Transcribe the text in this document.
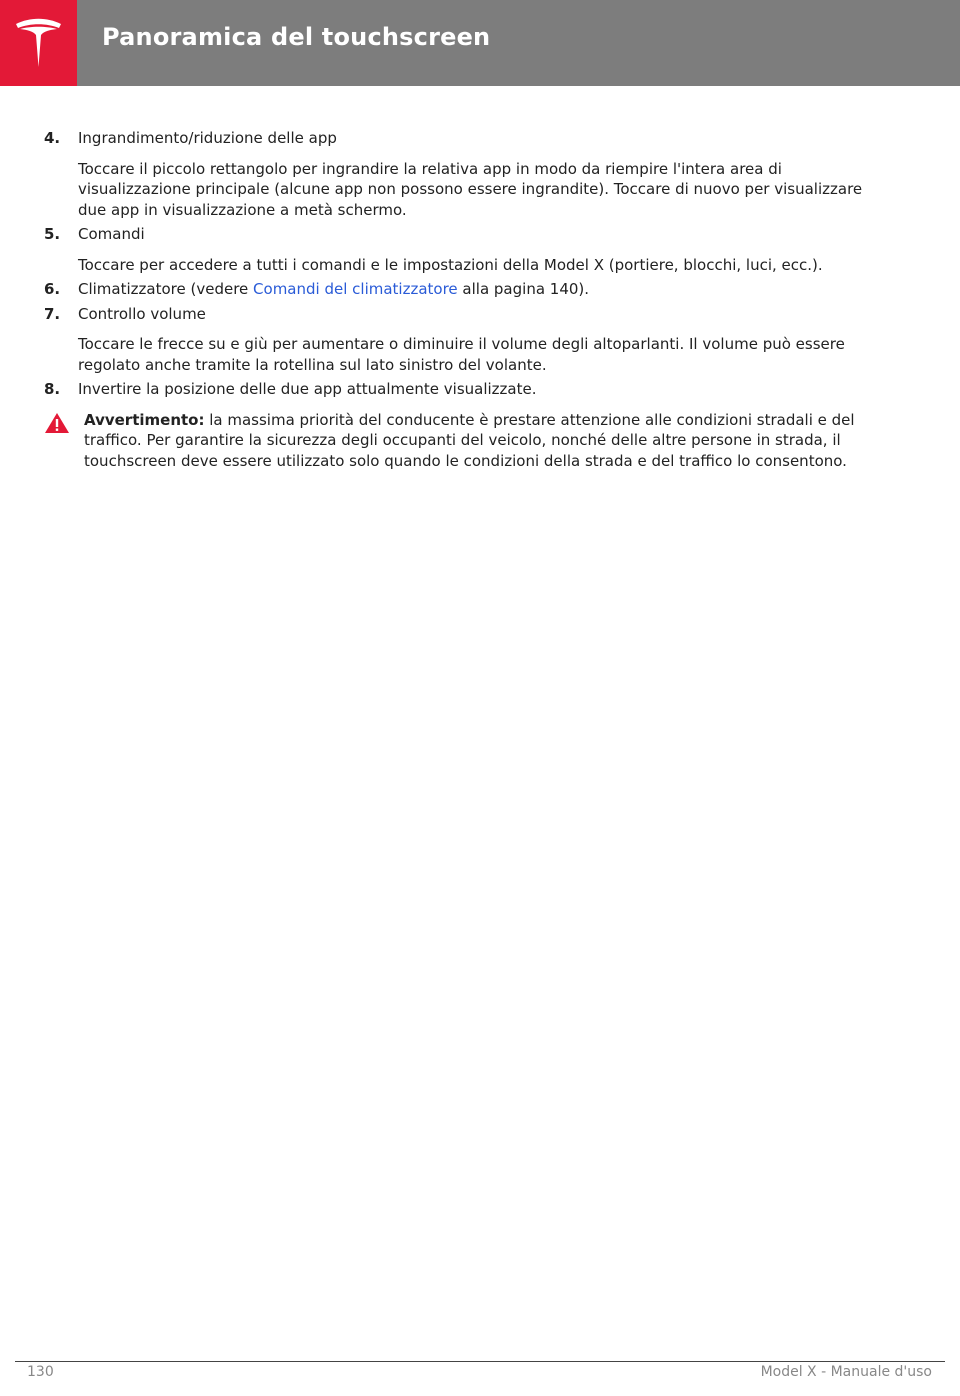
Panoramica del touchscreen
4. Ingrandimento/riduzione delle app
Toccare il piccolo rettangolo per ingrandire la relativa app in modo da riempire l'intera area di visualizzazione principale (alcune app non possono essere ingrandite). Toccare di nuovo per visualizzare due app in visualizzazione a metà schermo.
5. Comandi
Toccare per accedere a tutti i comandi e le impostazioni della Model X (portiere, blocchi, luci, ecc.).
6. Climatizzatore (vedere Comandi del climatizzatore alla pagina 140).
7. Controllo volume
Toccare le frecce su e giù per aumentare o diminuire il volume degli altoparlanti. Il volume può essere regolato anche tramite la rotellina sul lato sinistro del volante.
8. Invertire la posizione delle due app attualmente visualizzate.
Avvertimento: la massima priorità del conducente è prestare attenzione alle condizioni stradali e del traffico. Per garantire la sicurezza degli occupanti del veicolo, nonché delle altre persone in strada, il touchscreen deve essere utilizzato solo quando le condizioni della strada e del traffico lo consentono.
130	Model X - Manuale d'uso
